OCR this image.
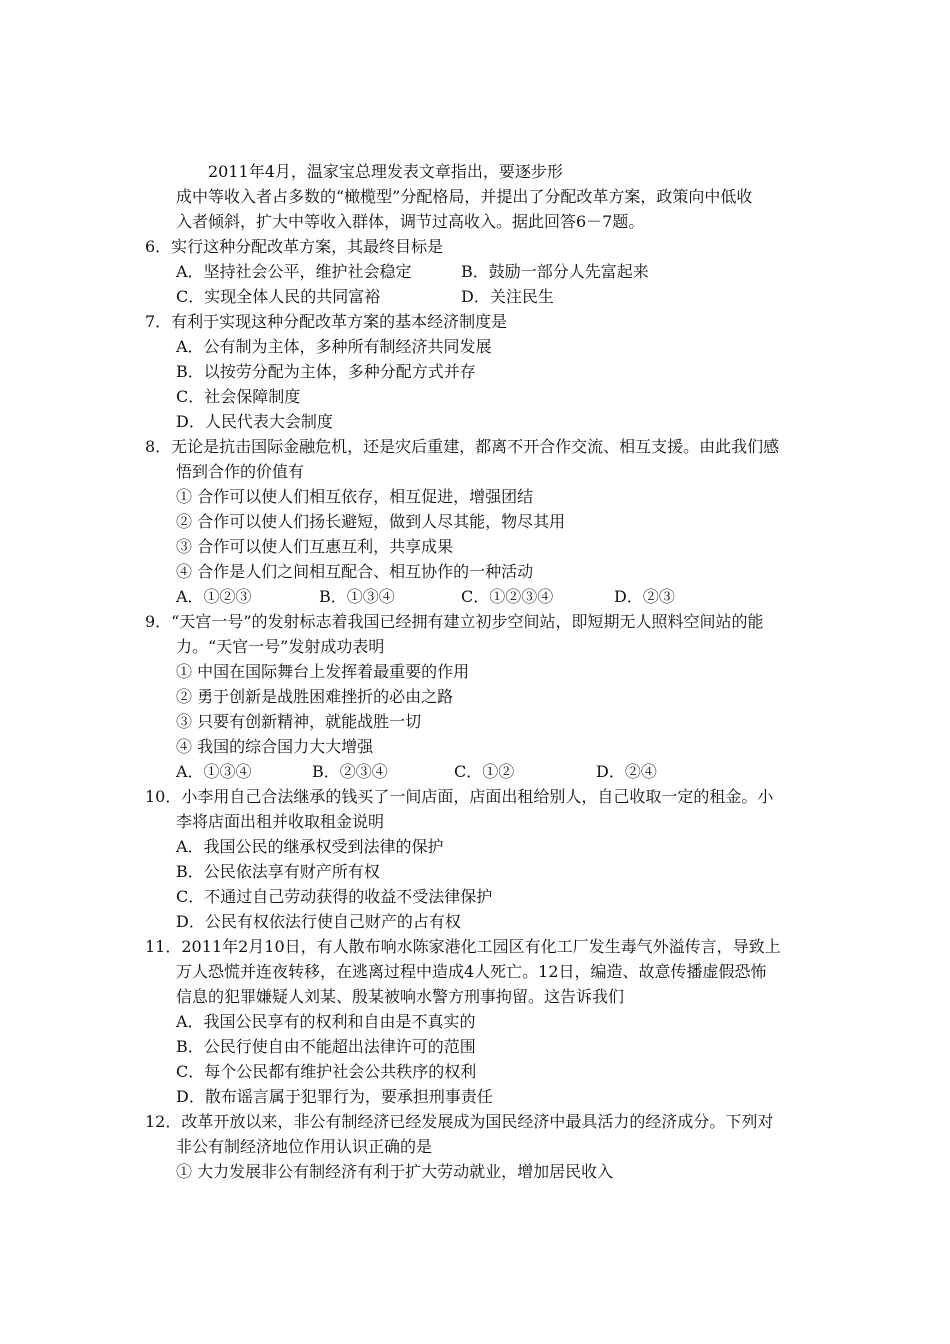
2011年4月，温家宝总理发表文章指出，要逐步形
成中等收入者占多数的“橄榄型”分配格局，并提出了分配改革方案，政策向中低收
入者倾斜，扩大中等收入群体，调节过高收入。据此回答6－7题。
6．实行这种分配改革方案，其最终目标是
A．坚持社会公平，维护社会稳定	B．鼓励一部分人先富起来
C．实现全体人民的共同富裕	D．关注民生
7．有利于实现这种分配改革方案的基本经济制度是
A．公有制为主体，多种所有制经济共同发展
B．以按劳分配为主体，多种分配方式并存
C．社会保障制度
D．人民代表大会制度
8．无论是抗击国际金融危机，还是灾后重建，都离不开合作交流、相互支援。由此我们感
悟到合作的价值有
① 合作可以使人们相互依存，相互促进，增强团结
② 合作可以使人们扬长避短，做到人尽其能，物尽其用
③ 合作可以使人们互惠互利，共享成果
④ 合作是人们之间相互配合、相互协作的一种活动
A．①②③	B．①③④	C．①②③④	D．②③
9．“天宫一号”的发射标志着我国已经拥有建立初步空间站，即短期无人照料空间站的能
力。“天官一号”发射成功表明
① 中国在国际舞台上发挥着最重要的作用
② 勇于创新是战胜困难挫折的必由之路
③ 只要有创新精神，就能战胜一切
④ 我国的综合国力大大增强
A．①③④	B．②③④	C．①②	D．②④
10．小李用自己合法继承的钱买了一间店面，店面出租给别人，自己收取一定的租金。小
李将店面出租并收取租金说明
A．我国公民的继承权受到法律的保护
B．公民依法享有财产所有权
C．不通过自己劳动获得的收益不受法律保护
D．公民有权依法行使自己财产的占有权
11．2011年2月10日，有人散布响水陈家港化工园区有化工厂发生毒气外溢传言，导致上
万人恐慌并连夜转移，在逃离过程中造成4人死亡。12日，编造、故意传播虚假恐怖
信息的犯罪嫌疑人刘某、殷某被响水警方刑事拘留。这告诉我们
A．我国公民享有的权利和自由是不真实的
B．公民行使自由不能超出法律许可的范围
C．每个公民都有维护社会公共秩序的权利
D．散布谣言属于犯罪行为，要承担刑事责任
12．改革开放以来，非公有制经济已经发展成为国民经济中最具活力的经济成分。下列对
非公有制经济地位作用认识正确的是
① 大力发展非公有制经济有利于扩大劳动就业，增加居民收入
